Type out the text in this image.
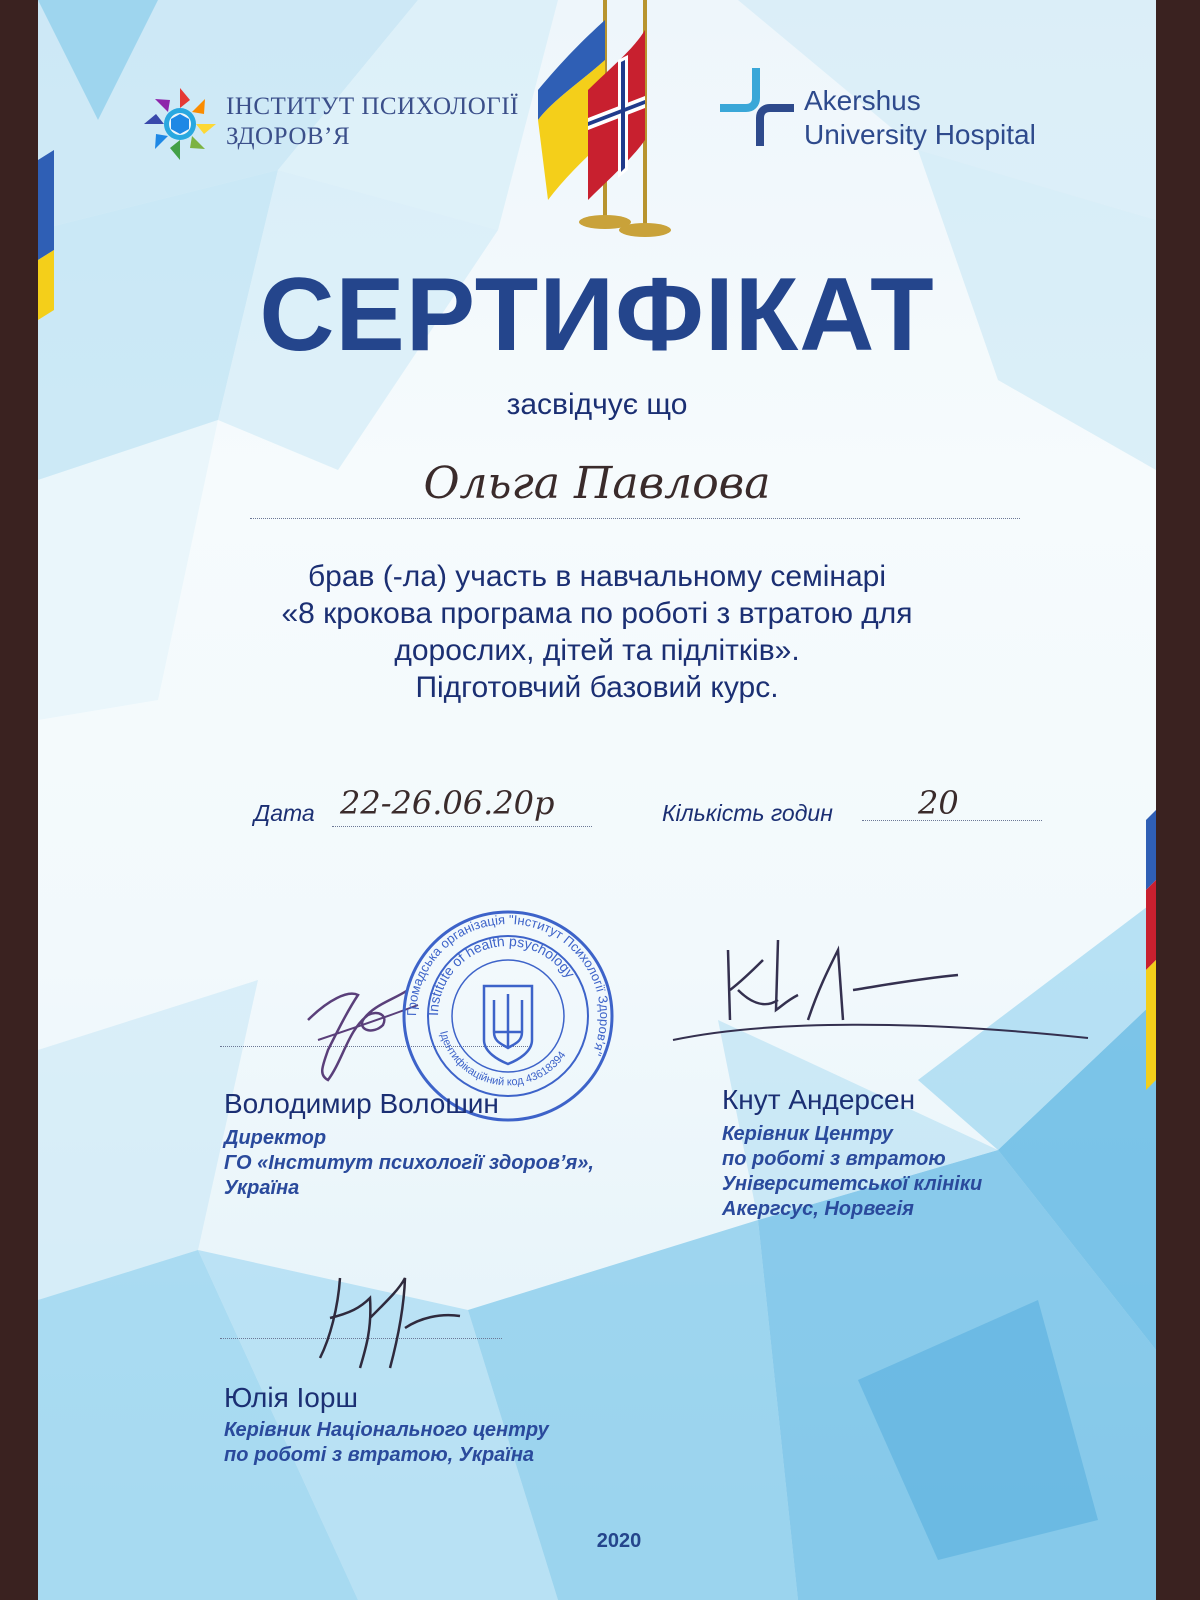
ІНСТИТУТ ПСИХОЛОГІЇ
ЗДОРОВ’Я
Akershus
University Hospital
СЕРТИФІКАТ
засвідчує що
Ольга Павлова
брав (-ла) участь в навчальному семінарі
«8 крокова програма по роботі з втратою для
дорослих, дітей та підлітків».
Підготовчий базовий курс.
Дата 22-26.06.20р	Кількість годин	20
Громадська організація "Інститут Психології Здоров'я"
Institute of health psychology
Ідентифікаційний код 43618394
Володимир Волошин
Директор
ГО «Інститут психології здоров’я»,
Україна
Кнут Андерсен
Керівник Центру
по роботі з втратою
Університетської клініки
Акергсус, Норвегія
Юлія Іорш
Керівник Національного центру
по роботі з втратою, Україна
2020
